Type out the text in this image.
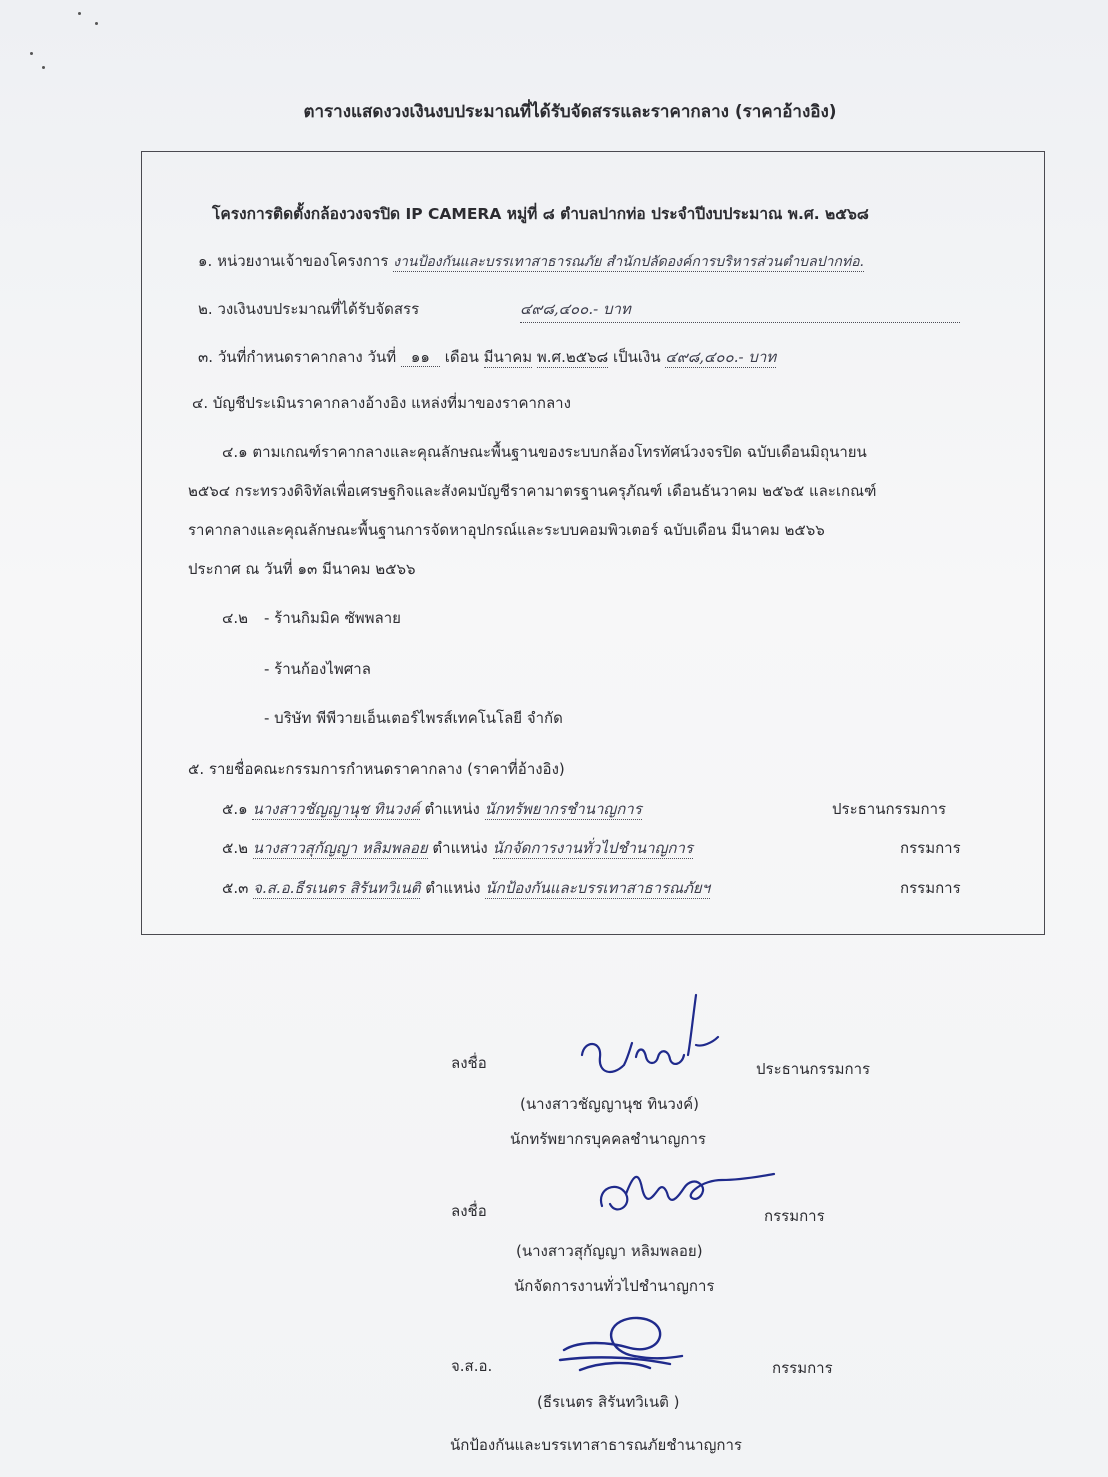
ตารางแสดงวงเงินงบประมาณที่ได้รับจัดสรรและราคากลาง (ราคาอ้างอิง)
โครงการติดตั้งกล้องวงจรปิด IP CAMERA หมู่ที่ ๘ ตำบลปากท่อ ประจำปีงบประมาณ พ.ศ. ๒๕๖๘
๑. หน่วยงานเจ้าของโครงการ งานป้องกันและบรรเทาสาธารณภัย สำนักปลัดองค์การบริหารส่วนตำบลปากท่อ.
๒. วงเงินงบประมาณที่ได้รับจัดสรร	๔๙๘,๔๐๐.- บาท
๓. วันที่กำหนดราคากลาง วันที่ ๑๑ เดือน มีนาคม พ.ศ.๒๕๖๘ เป็นเงิน ๔๙๘,๔๐๐.- บาท
๔. บัญชีประเมินราคากลางอ้างอิง แหล่งที่มาของราคากลาง
๔.๑ ตามเกณฑ์ราคากลางและคุณลักษณะพื้นฐานของระบบกล้องโทรทัศน์วงจรปิด ฉบับเดือนมิถุนายน
๒๕๖๔ กระทรวงดิจิทัลเพื่อเศรษฐกิจและสังคมบัญชีราคามาตรฐานครุภัณฑ์ เดือนธันวาคม ๒๕๖๕ และเกณฑ์
ราคากลางและคุณลักษณะพื้นฐานการจัดหาอุปกรณ์และระบบคอมพิวเตอร์ ฉบับเดือน มีนาคม ๒๕๖๖
ประกาศ ณ วันที่ ๑๓ มีนาคม ๒๕๖๖
๔.๒ - ร้านกิมมิค ซัพพลาย
- ร้านก้องไพศาล
- บริษัท พีพีวายเอ็นเตอร์ไพรส์เทคโนโลยี จำกัด
๕. รายชื่อคณะกรรมการกำหนดราคากลาง (ราคาที่อ้างอิง)
๕.๑ นางสาวชัญญานุช ทินวงค์ ตำแหน่ง นักทรัพยากรชำนาญการ	ประธานกรรมการ
๕.๒ นางสาวสุกัญญา หลิมพลอย ตำแหน่ง นักจัดการงานทั่วไปชำนาญการ	กรรมการ
๕.๓ จ.ส.อ.ธีรเนตร สิรันทวิเนติ ตำแหน่ง นักป้องกันและบรรเทาสาธารณภัยฯ	กรรมการ
ลงชื่อ	ประธานกรรมการ
(นางสาวชัญญานุช ทินวงค์)
นักทรัพยากรบุคคลชำนาญการ
ลงชื่อ	กรรมการ
(นางสาวสุกัญญา หลิมพลอย)
นักจัดการงานทั่วไปชำนาญการ
จ.ส.อ.	กรรมการ
(ธีรเนตร สิรันทวิเนติ )
นักป้องกันและบรรเทาสาธารณภัยชำนาญการ
